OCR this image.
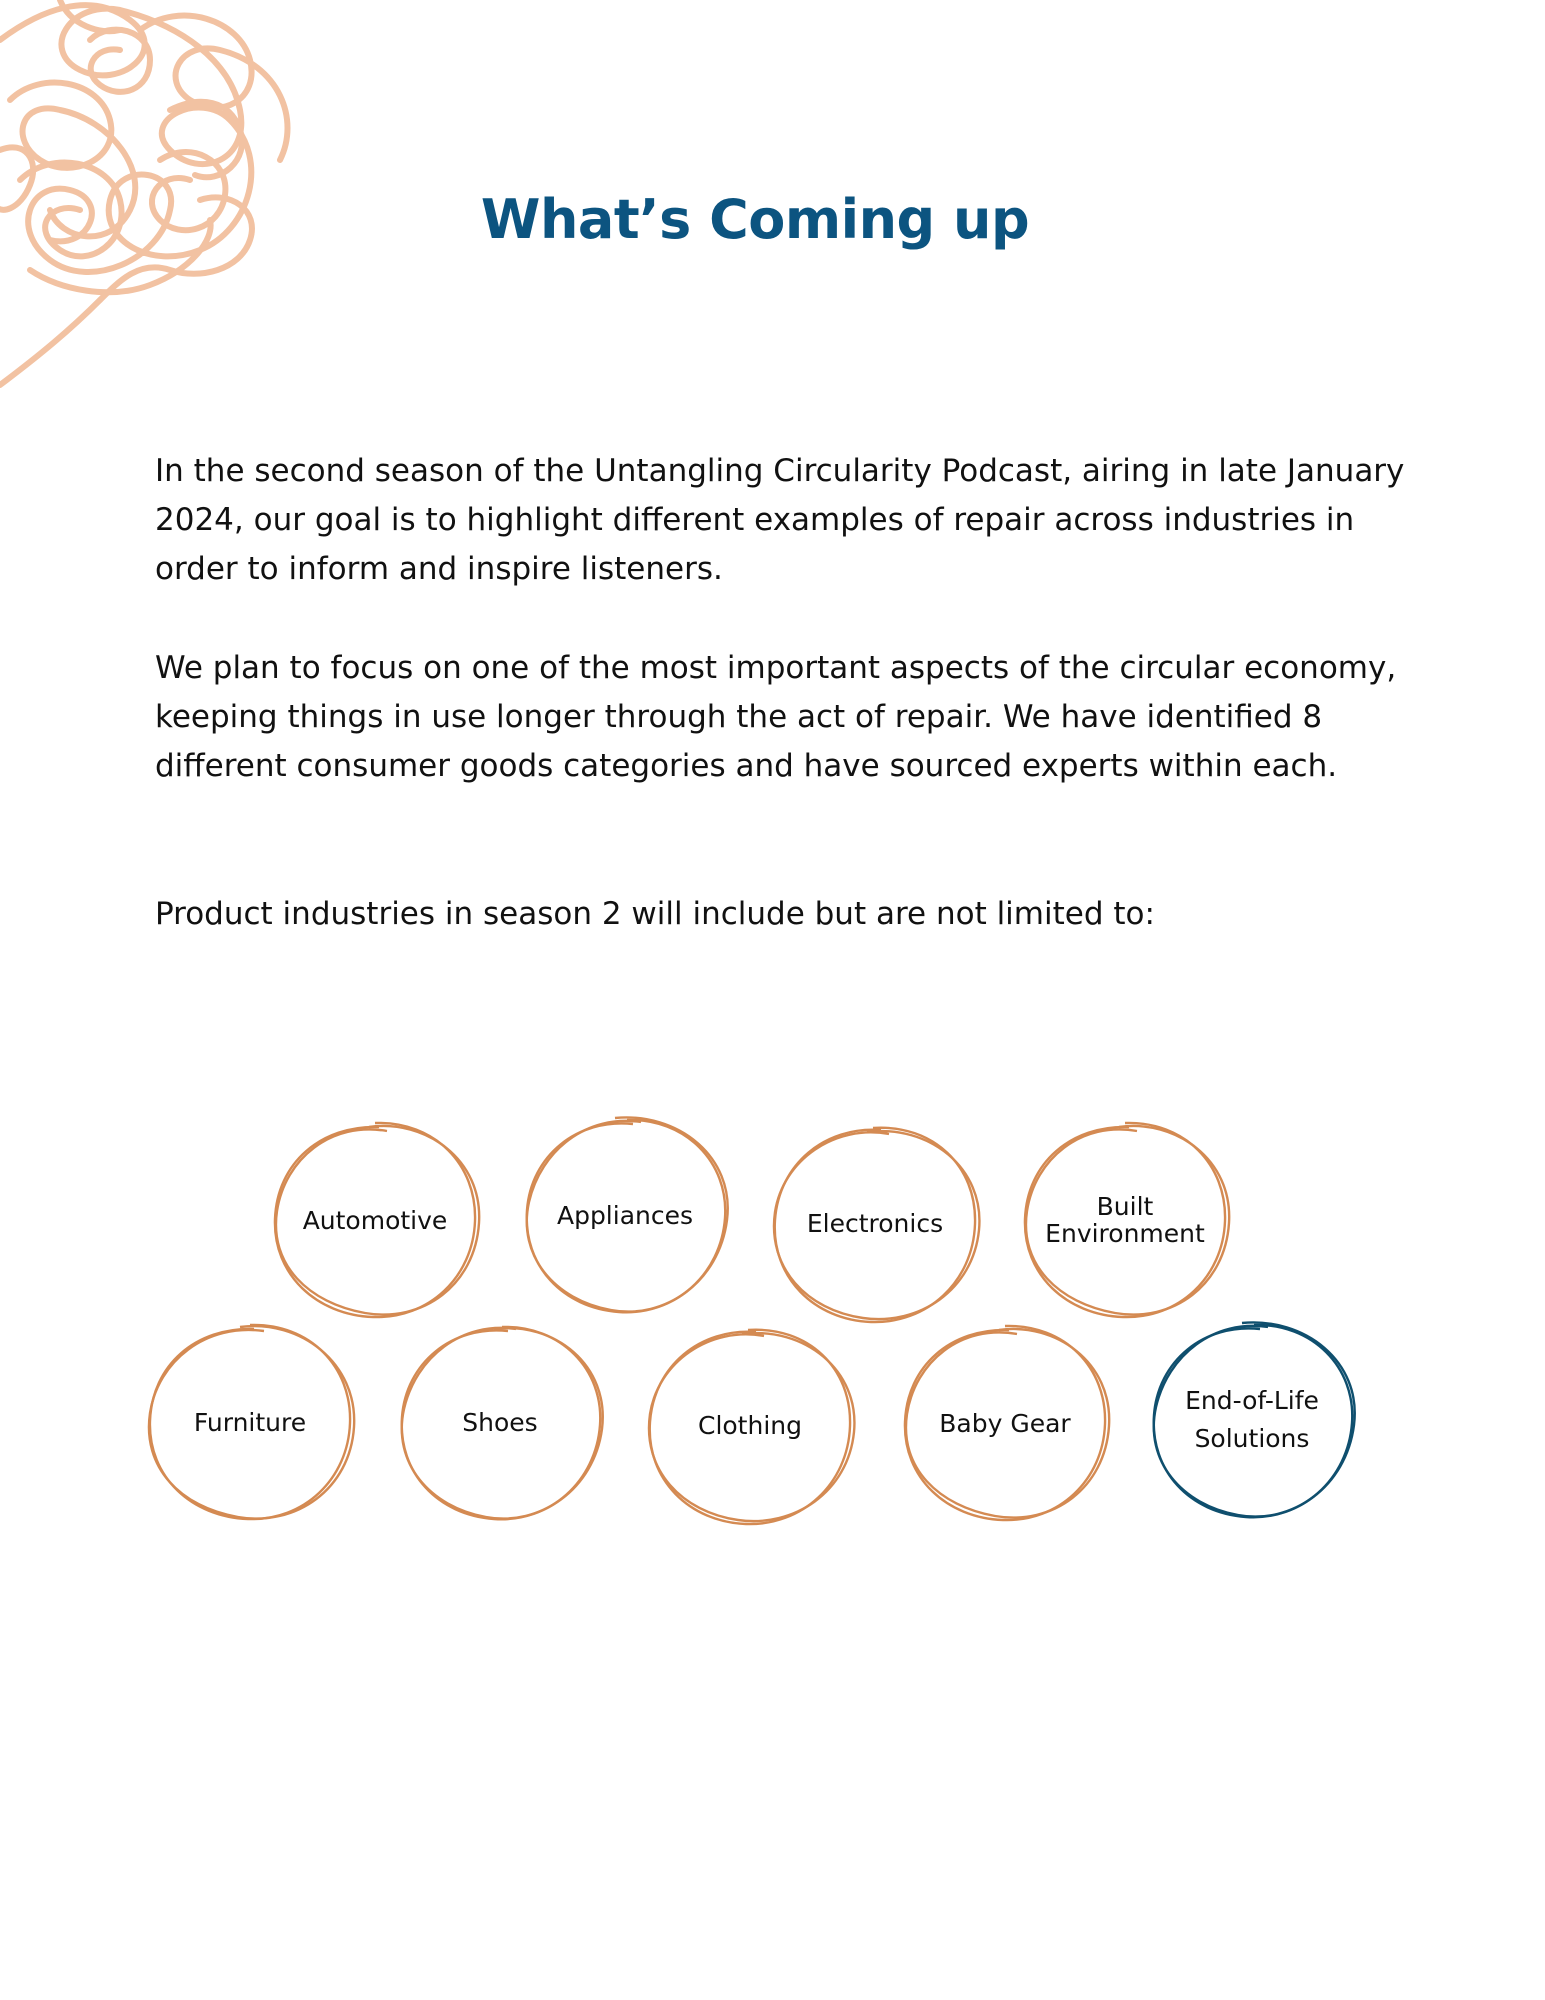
What’s Coming up

In the second season of the Untangling Circularity Podcast, airing in late January 2024, our goal is to highlight different examples of repair across industries in order to inform and inspire listeners.

We plan to focus on one of the most important aspects of the circular economy, keeping things in use longer through the act of repair. We have identified 8 different consumer goods categories and have sourced experts within each.

Product industries in season 2 will include but are not limited to:

Automotive	Appliances	Electronics
Built
Environment
Furniture	Shoes	Clothing	Baby Gear
End-of-Life
Solutions
